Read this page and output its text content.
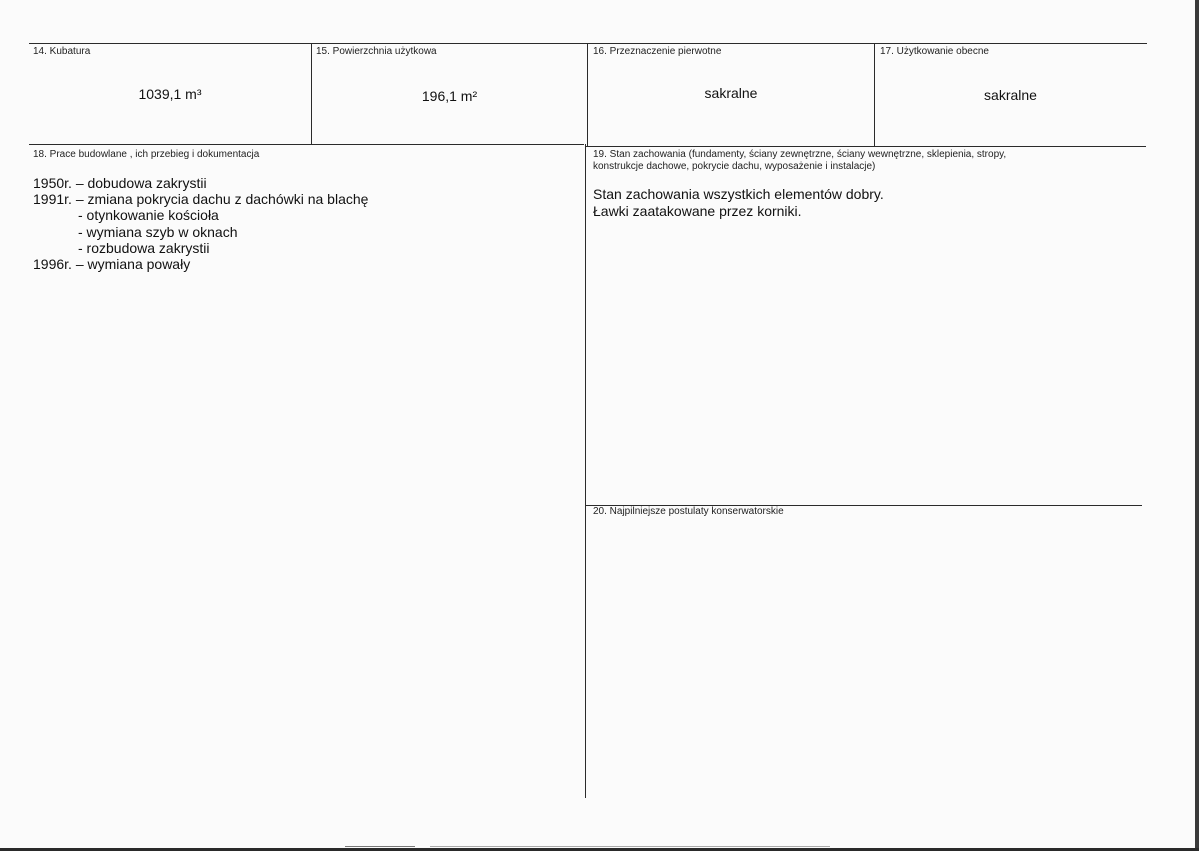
14. Kubatura
1039,1 m³
15. Powierzchnia użytkowa
196,1 m²
16. Przeznaczenie pierwotne
sakralne
17. Użytkowanie obecne
sakralne
18. Prace budowlane , ich przebieg i dokumentacja
1950r. – dobudowa zakrystii
1991r. – zmiana pokrycia dachu z dachówki na blachę
- otynkowanie kościoła
- wymiana szyb w oknach
- rozbudowa zakrystii
1996r. – wymiana powały
19. Stan zachowania (fundamenty, ściany zewnętrzne, ściany wewnętrzne, sklepienia, stropy,
konstrukcje dachowe, pokrycie dachu, wyposażenie i instalacje)
Stan zachowania wszystkich elementów dobry.
Ławki zaatakowane przez korniki.
20. Najpilniejsze postulaty konserwatorskie
